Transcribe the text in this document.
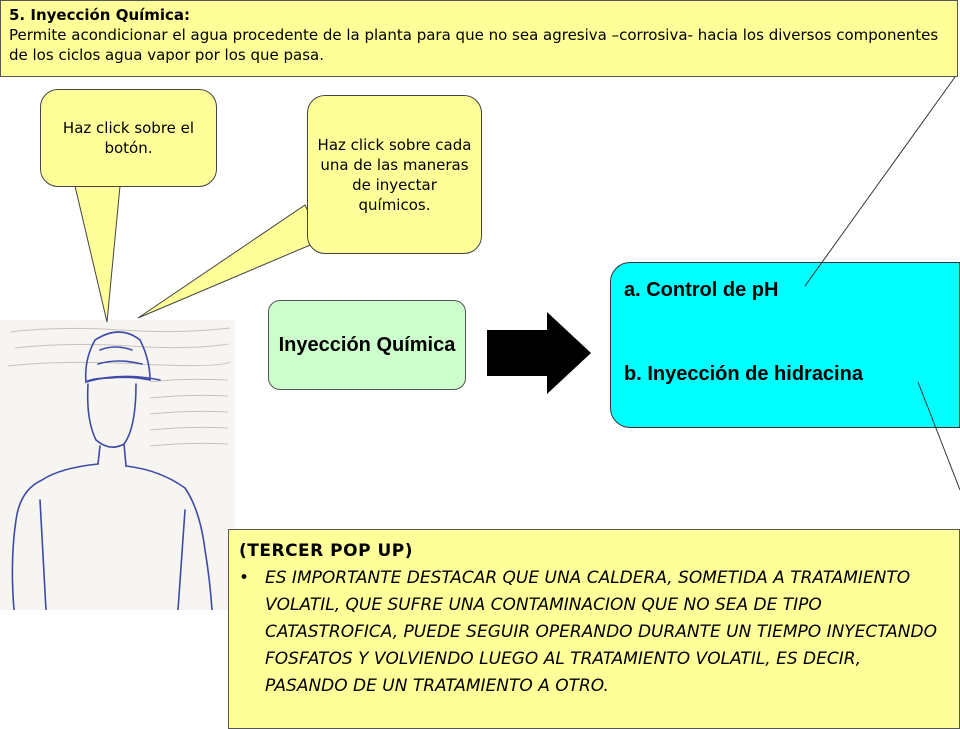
5. Inyección Química:
Permite acondicionar el agua procedente de la planta para que no sea agresiva –corrosiva- hacia los diversos componentes de los ciclos agua vapor por los que pasa.
Haz click sobre el botón.	Haz click sobre cada una de las maneras de inyectar químicos.
Inyección Química
a. Control de pH
b. Inyección de hidracina
(TERCER POP UP)
• ES IMPORTANTE DESTACAR QUE UNA CALDERA, SOMETIDA A TRATAMIENTO VOLATIL, QUE SUFRE UNA CONTAMINACION QUE NO SEA DE TIPO CATASTROFICA, PUEDE SEGUIR OPERANDO DURANTE UN TIEMPO INYECTANDO FOSFATOS Y VOLVIENDO LUEGO AL TRATAMIENTO VOLATIL, ES DECIR, PASANDO DE UN TRATAMIENTO A OTRO.
